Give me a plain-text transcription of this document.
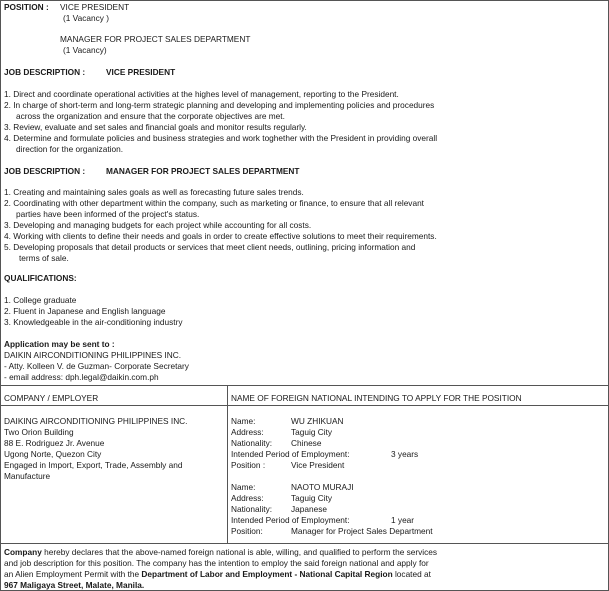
POSITION : VICE PRESIDENT
(1 Vacancy )
MANAGER FOR PROJECT SALES DEPARTMENT
(1 Vacancy)
JOB DESCRIPTION :	VICE PRESIDENT
1. Direct and coordinate operational activities at the highes level of management, reporting to the President.
2. In charge of short-term and long-term strategic planning and developing and implementing policies and procedures
across the organization and ensure that the corporate objectives are met.
3. Review, evaluate and set sales and financial goals and monitor results regularly.
4. Determine and formulate policies and business strategies and work toghether with the President in providing overall
direction for the organization.
JOB DESCRIPTION :	MANAGER FOR PROJECT SALES DEPARTMENT
1. Creating and maintaining sales goals as well as forecasting future sales trends.
2. Coordinating with other department within the company, such as marketing or finance, to ensure that all relevant
parties have been informed of the project's status.
3. Developing and managing budgets for each project while accounting for all costs.
4. Working with clients to define their needs and goals in order to create effective solutions to meet their requirements.
5. Developing proposals that detail products or services that meet client needs, outlining, pricing information and
terms of sale.
QUALIFICATIONS:
1. College graduate
2. Fluent in Japanese and English language
3. Knowledgeable in the air-conditioning industry
Application may be sent to :
DAIKIN AIRCONDITIONING PHILIPPINES INC.
- Atty. Kolleen V. de Guzman- Corporate Secretary
- email address: dph.legal@daikin.com.ph
COMPANY / EMPLOYER	NAME OF FOREIGN NATIONAL INTENDING TO APPLY FOR THE POSITION
DAIKING AIRCONDITIONING PHILIPPINES INC.
Two Orion Building
88 E. Rodriguez Jr. Avenue
Ugong Norte, Quezon City
Engaged in Import, Export, Trade, Assembly and
Manufacture
Name:	WU ZHIKUAN
Address:	Taguig City
Nationality: Chinese
Intended Period of Employment:	3 years
Position :	Vice President
Name:	NAOTO MURAJI
Address:	Taguig City
Nationality: Japanese
Intended Period of Employment:	1 year
Position:	Manager for Project Sales Department
Company hereby declares that the above-named foreign national is able, willing, and qualified to perform the services
and job description for this position. The company has the intention to employ the said foreign national and apply for
an Alien Employment Permit with the Department of Labor and Employment - National Capital Region located at
967 Maligaya Street, Malate, Manila.
